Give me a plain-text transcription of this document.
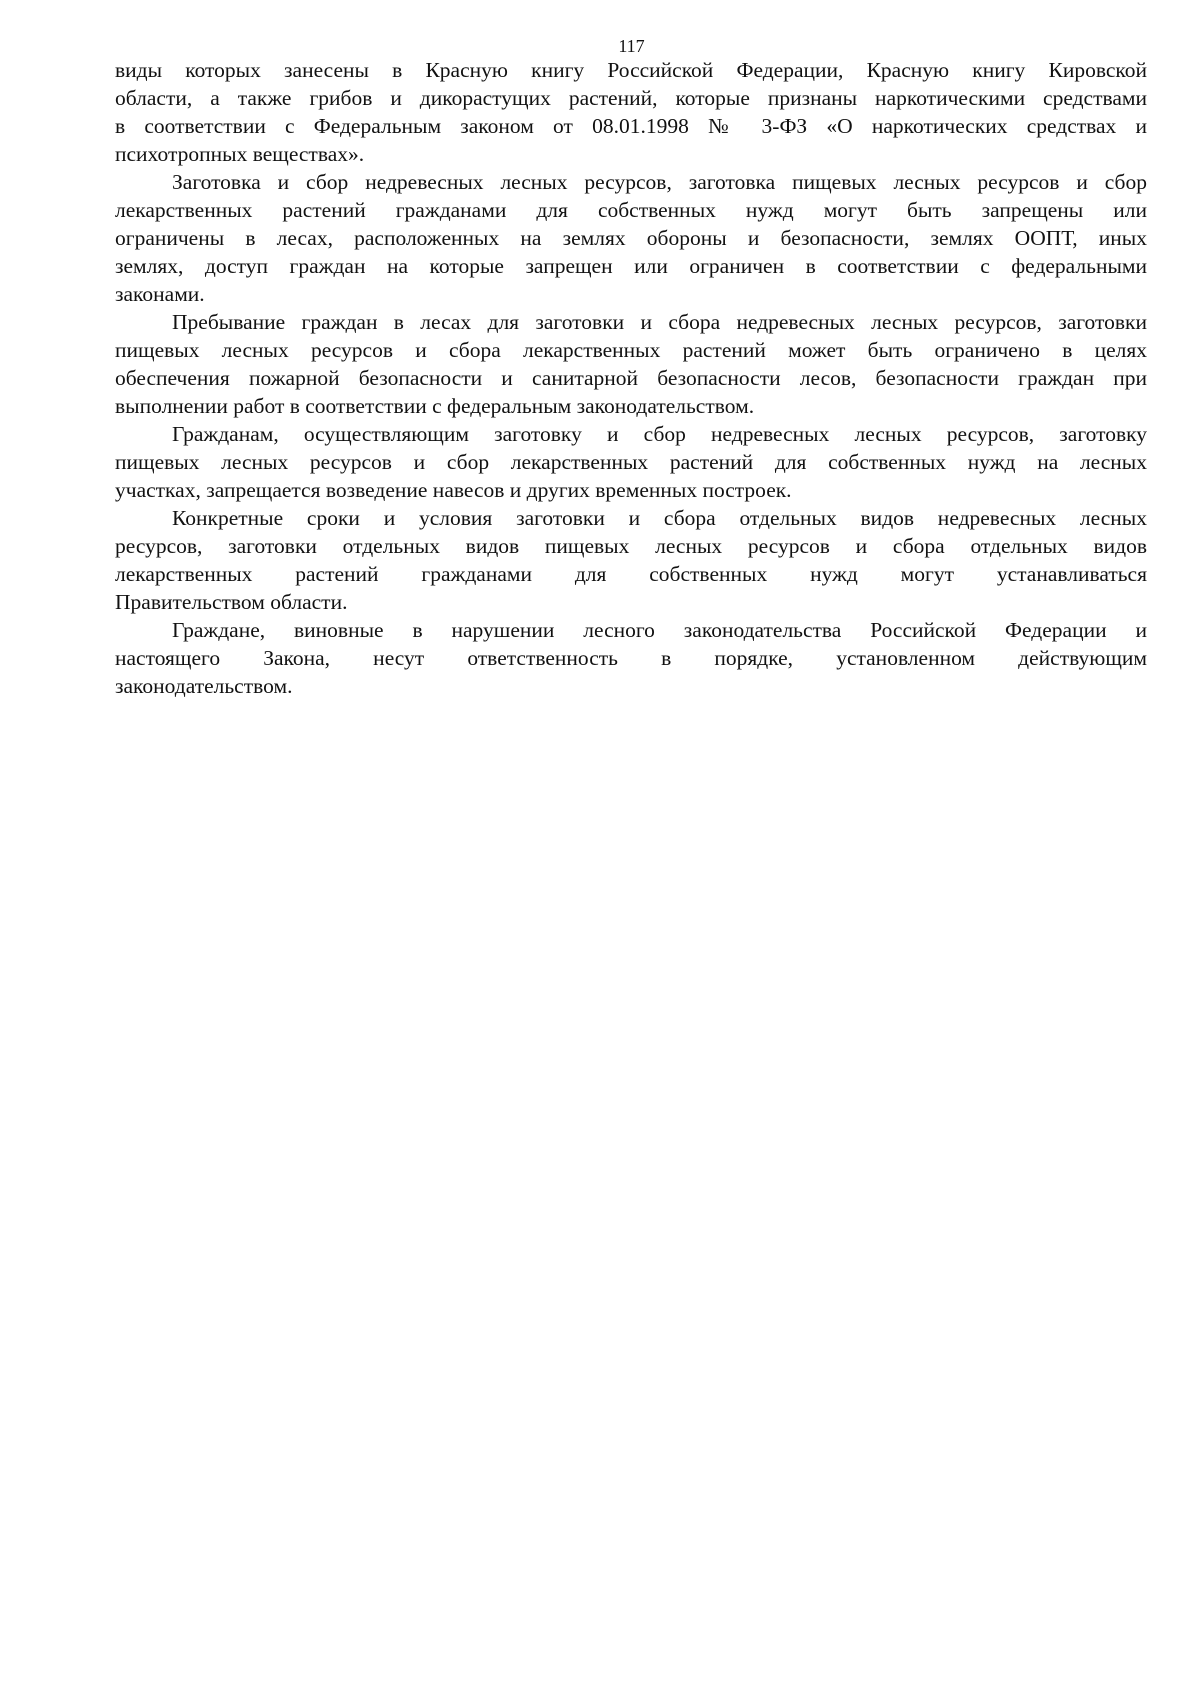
117
виды которых занесены в Красную книгу Российской Федерации, Красную книгу Кировской
области, а также грибов и дикорастущих растений, которые признаны наркотическими средствами
в соответствии с Федеральным законом от 08.01.1998 № 3-ФЗ «О наркотических средствах и
психотропных веществах».
Заготовка и сбор недревесных лесных ресурсов, заготовка пищевых лесных ресурсов и сбор
лекарственных растений гражданами для собственных нужд могут быть запрещены или
ограничены в лесах, расположенных на землях обороны и безопасности, землях ООПТ, иных
землях, доступ граждан на которые запрещен или ограничен в соответствии с федеральными
законами.
Пребывание граждан в лесах для заготовки и сбора недревесных лесных ресурсов, заготовки
пищевых лесных ресурсов и сбора лекарственных растений может быть ограничено в целях
обеспечения пожарной безопасности и санитарной безопасности лесов, безопасности граждан при
выполнении работ в соответствии с федеральным законодательством.
Гражданам, осуществляющим заготовку и сбор недревесных лесных ресурсов, заготовку
пищевых лесных ресурсов и сбор лекарственных растений для собственных нужд на лесных
участках, запрещается возведение навесов и других временных построек.
Конкретные сроки и условия заготовки и сбора отдельных видов недревесных лесных
ресурсов, заготовки отдельных видов пищевых лесных ресурсов и сбора отдельных видов
лекарственных растений гражданами для собственных нужд могут устанавливаться
Правительством области.
Граждане, виновные в нарушении лесного законодательства Российской Федерации и
настоящего Закона, несут ответственность в порядке, установленном действующим
законодательством.
